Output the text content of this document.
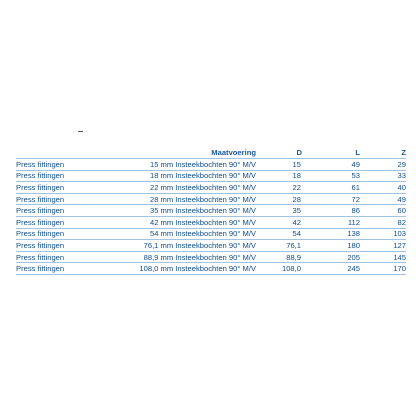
	Maatvoering	D	L	Z
Press fittingen	15 mm Insteekbochten 90° M/V	15	49	29
Press fittingen	18 mm Insteekbochten 90° M/V	18	53	33
Press fittingen	22 mm Insteekbochten 90° M/V	22	61	40
Press fittingen	28 mm Insteekbochten 90° M/V	28	72	49
Press fittingen	35 mm Insteekbochten 90° M/V	35	86	60
Press fittingen	42 mm Insteekbochten 90° M/V	42	112	82
Press fittingen	54 mm Insteekbochten 90° M/V	54	138	103
Press fittingen	76,1 mm Insteekbochten 90° M/V	76,1	180	127
Press fittingen	88,9 mm Insteekbochten 90° M/V	88,9	205	145
Press fittingen	108,0 mm Insteekbochten 90° M/V	108,0	245	170
